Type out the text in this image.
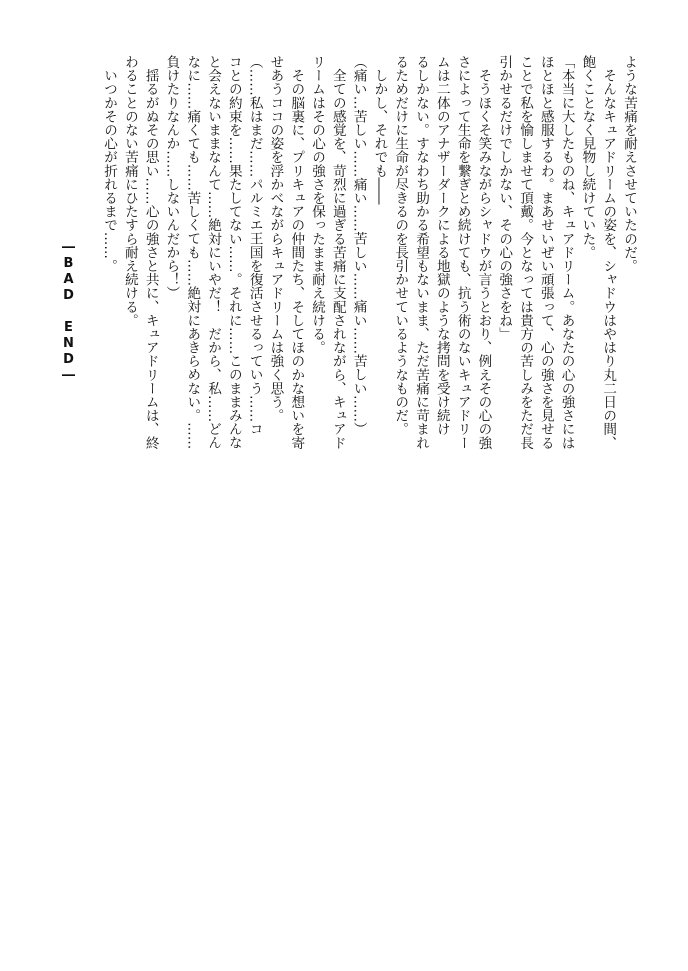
ような苦痛を耐えさせていたのだ。
　そんなキュアドリームの姿を、シャドウはやはり丸二日の間、
飽くことなく見物し続けていた。
「本当に大したものね、キュアドリーム。あなたの心の強さには
ほとほと感服するわ。まあせいぜい頑張って、心の強さを見せる
ことで私を愉しませて頂戴。今となっては貴方の苦しみをただ長
引かせるだけでしかない、その心の強さをね」
　そうほくそ笑みながらシャドウが言うとおり、例えその心の強
さによって生命を繋ぎとめ続けても、抗う術のないキュアドリー
ムは二体のアナザーダークによる地獄のような拷問を受け続け
るしかない。すなわち助かる希望もないまま、ただ苦痛に苛まれ
るためだけに生命が尽きるのを長引かせているようなものだ。
　しかし、それでも――
（痛い…苦しい……痛い……苦しい……痛い……苦しい……）
　全ての感覚を、苛烈に過ぎる苦痛に支配されながら、キュアド
リームはその心の強さを保ったまま耐え続ける。
　その脳裏に、プリキュアの仲間たち、そしてほのかな想いを寄
せあうココの姿を浮かべながらキュアドリームは強く思う。
（……私はまだ……パルミエ王国を復活させるっていう……コ
コとの約束を……果たしてない……。それに……このままみんな
と会えないままなんて……絶対にいやだ！　だから、私……どん
なに……痛くても……苦しくても……絶対にあきらめない。……
負けたりなんか……しないんだから！）
　揺るがぬその思い……心の強さと共に、キュアドリームは、終
わることのない苦痛にひたすら耐え続ける。
　いつかその心が折れるまで……。
―BAD END―
